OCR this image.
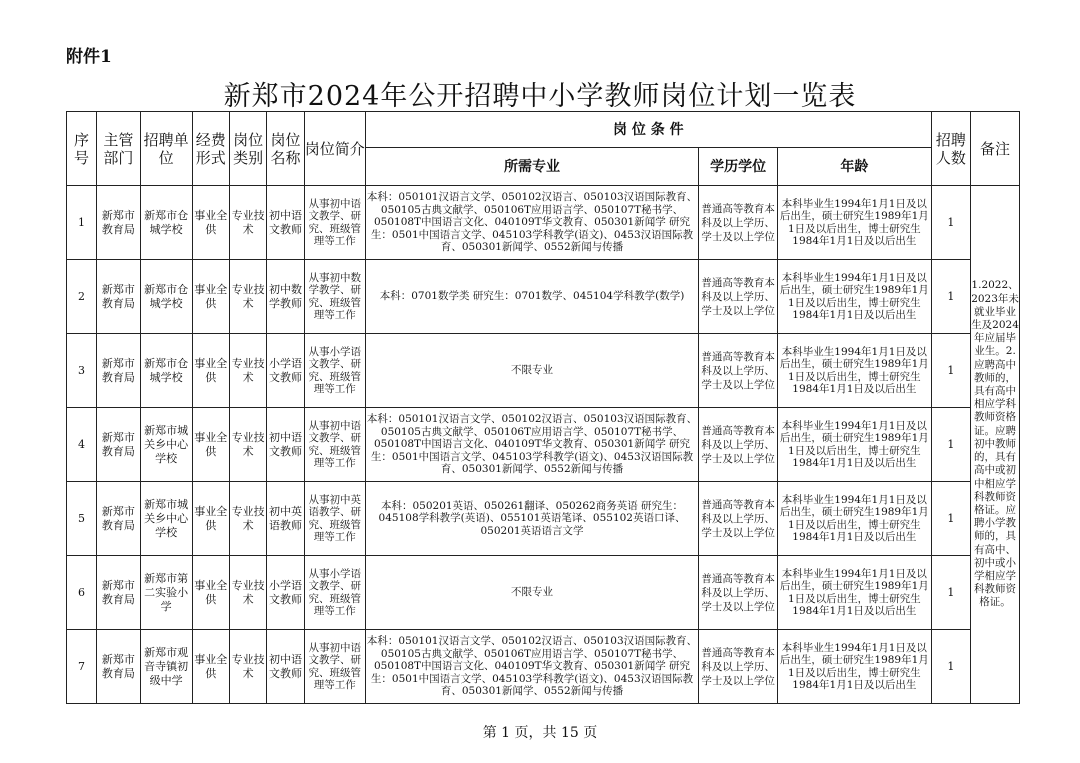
附件1
新郑市2024年公开招聘中小学教师岗位计划一览表
序号	主管部门	招聘单位	经费形式	岗位类别	岗位名称	岗位简介	岗 位 条 件			招聘人数	备注
							所需专业	学历学位	年龄		
1	新郑市教育局	新郑市仓城学校	事业全供	专业技术	初中语文教师	从事初中语文教学、研究、班级管理等工作	本科：050101汉语言文学、050102汉语言、050103汉语国际教育、050105古典文献学、050106T应用语言学、050107T秘书学、050108T中国语言文化、040109T华文教育、050301新闻学 研究生：0501中国语言文学、045103学科教学(语文)、0453汉语国际教育、050301新闻学、0552新闻与传播	普通高等教育本科及以上学历、学士及以上学位	本科毕业生1994年1月1日及以后出生，硕士研究生1989年1月1日及以后出生，博士研究生1984年1月1日及以后出生	1	1.2022、2023年未就业毕业生及2024年应届毕业生。2.应聘高中教师的，具有高中相应学科教师资格证。应聘初中教师的，具有高中或初中相应学科教师资格证。应聘小学教师的，具有高中、初中或小学相应学科教师资格证。
2	新郑市教育局	新郑市仓城学校	事业全供	专业技术	初中数学教师	从事初中数学教学、研究、班级管理等工作	本科：0701数学类 研究生：0701数学、045104学科教学(数学)	普通高等教育本科及以上学历、学士及以上学位	本科毕业生1994年1月1日及以后出生，硕士研究生1989年1月1日及以后出生，博士研究生1984年1月1日及以后出生	1	
3	新郑市教育局	新郑市仓城学校	事业全供	专业技术	小学语文教师	从事小学语文教学、研究、班级管理等工作	不限专业	普通高等教育本科及以上学历、学士及以上学位	本科毕业生1994年1月1日及以后出生，硕士研究生1989年1月1日及以后出生，博士研究生1984年1月1日及以后出生	1	
4	新郑市教育局	新郑市城关乡中心学校	事业全供	专业技术	初中语文教师	从事初中语文教学、研究、班级管理等工作	本科：050101汉语言文学、050102汉语言、050103汉语国际教育、050105古典文献学、050106T应用语言学、050107T秘书学、050108T中国语言文化、040109T华文教育、050301新闻学 研究生：0501中国语言文学、045103学科教学(语文)、0453汉语国际教育、050301新闻学、0552新闻与传播	普通高等教育本科及以上学历、学士及以上学位	本科毕业生1994年1月1日及以后出生，硕士研究生1989年1月1日及以后出生，博士研究生1984年1月1日及以后出生	1	
5	新郑市教育局	新郑市城关乡中心学校	事业全供	专业技术	初中英语教师	从事初中英语教学、研究、班级管理等工作	本科：050201英语、050261翻译、050262商务英语 研究生：045108学科教学(英语)、055101英语笔译、055102英语口译、050201英语语言文学	普通高等教育本科及以上学历、学士及以上学位	本科毕业生1994年1月1日及以后出生，硕士研究生1989年1月1日及以后出生，博士研究生1984年1月1日及以后出生	1	
6	新郑市教育局	新郑市第二实验小学	事业全供	专业技术	小学语文教师	从事小学语文教学、研究、班级管理等工作	不限专业	普通高等教育本科及以上学历、学士及以上学位	本科毕业生1994年1月1日及以后出生，硕士研究生1989年1月1日及以后出生，博士研究生1984年1月1日及以后出生	1	
7	新郑市教育局	新郑市观音寺镇初级中学	事业全供	专业技术	初中语文教师	从事初中语文教学、研究、班级管理等工作	本科：050101汉语言文学、050102汉语言、050103汉语国际教育、050105古典文献学、050106T应用语言学、050107T秘书学、050108T中国语言文化、040109T华文教育、050301新闻学 研究生：0501中国语言文学、045103学科教学(语文)、0453汉语国际教育、050301新闻学、0552新闻与传播	普通高等教育本科及以上学历、学士及以上学位	本科毕业生1994年1月1日及以后出生，硕士研究生1989年1月1日及以后出生，博士研究生1984年1月1日及以后出生	1	
第 1 页，共 15 页
